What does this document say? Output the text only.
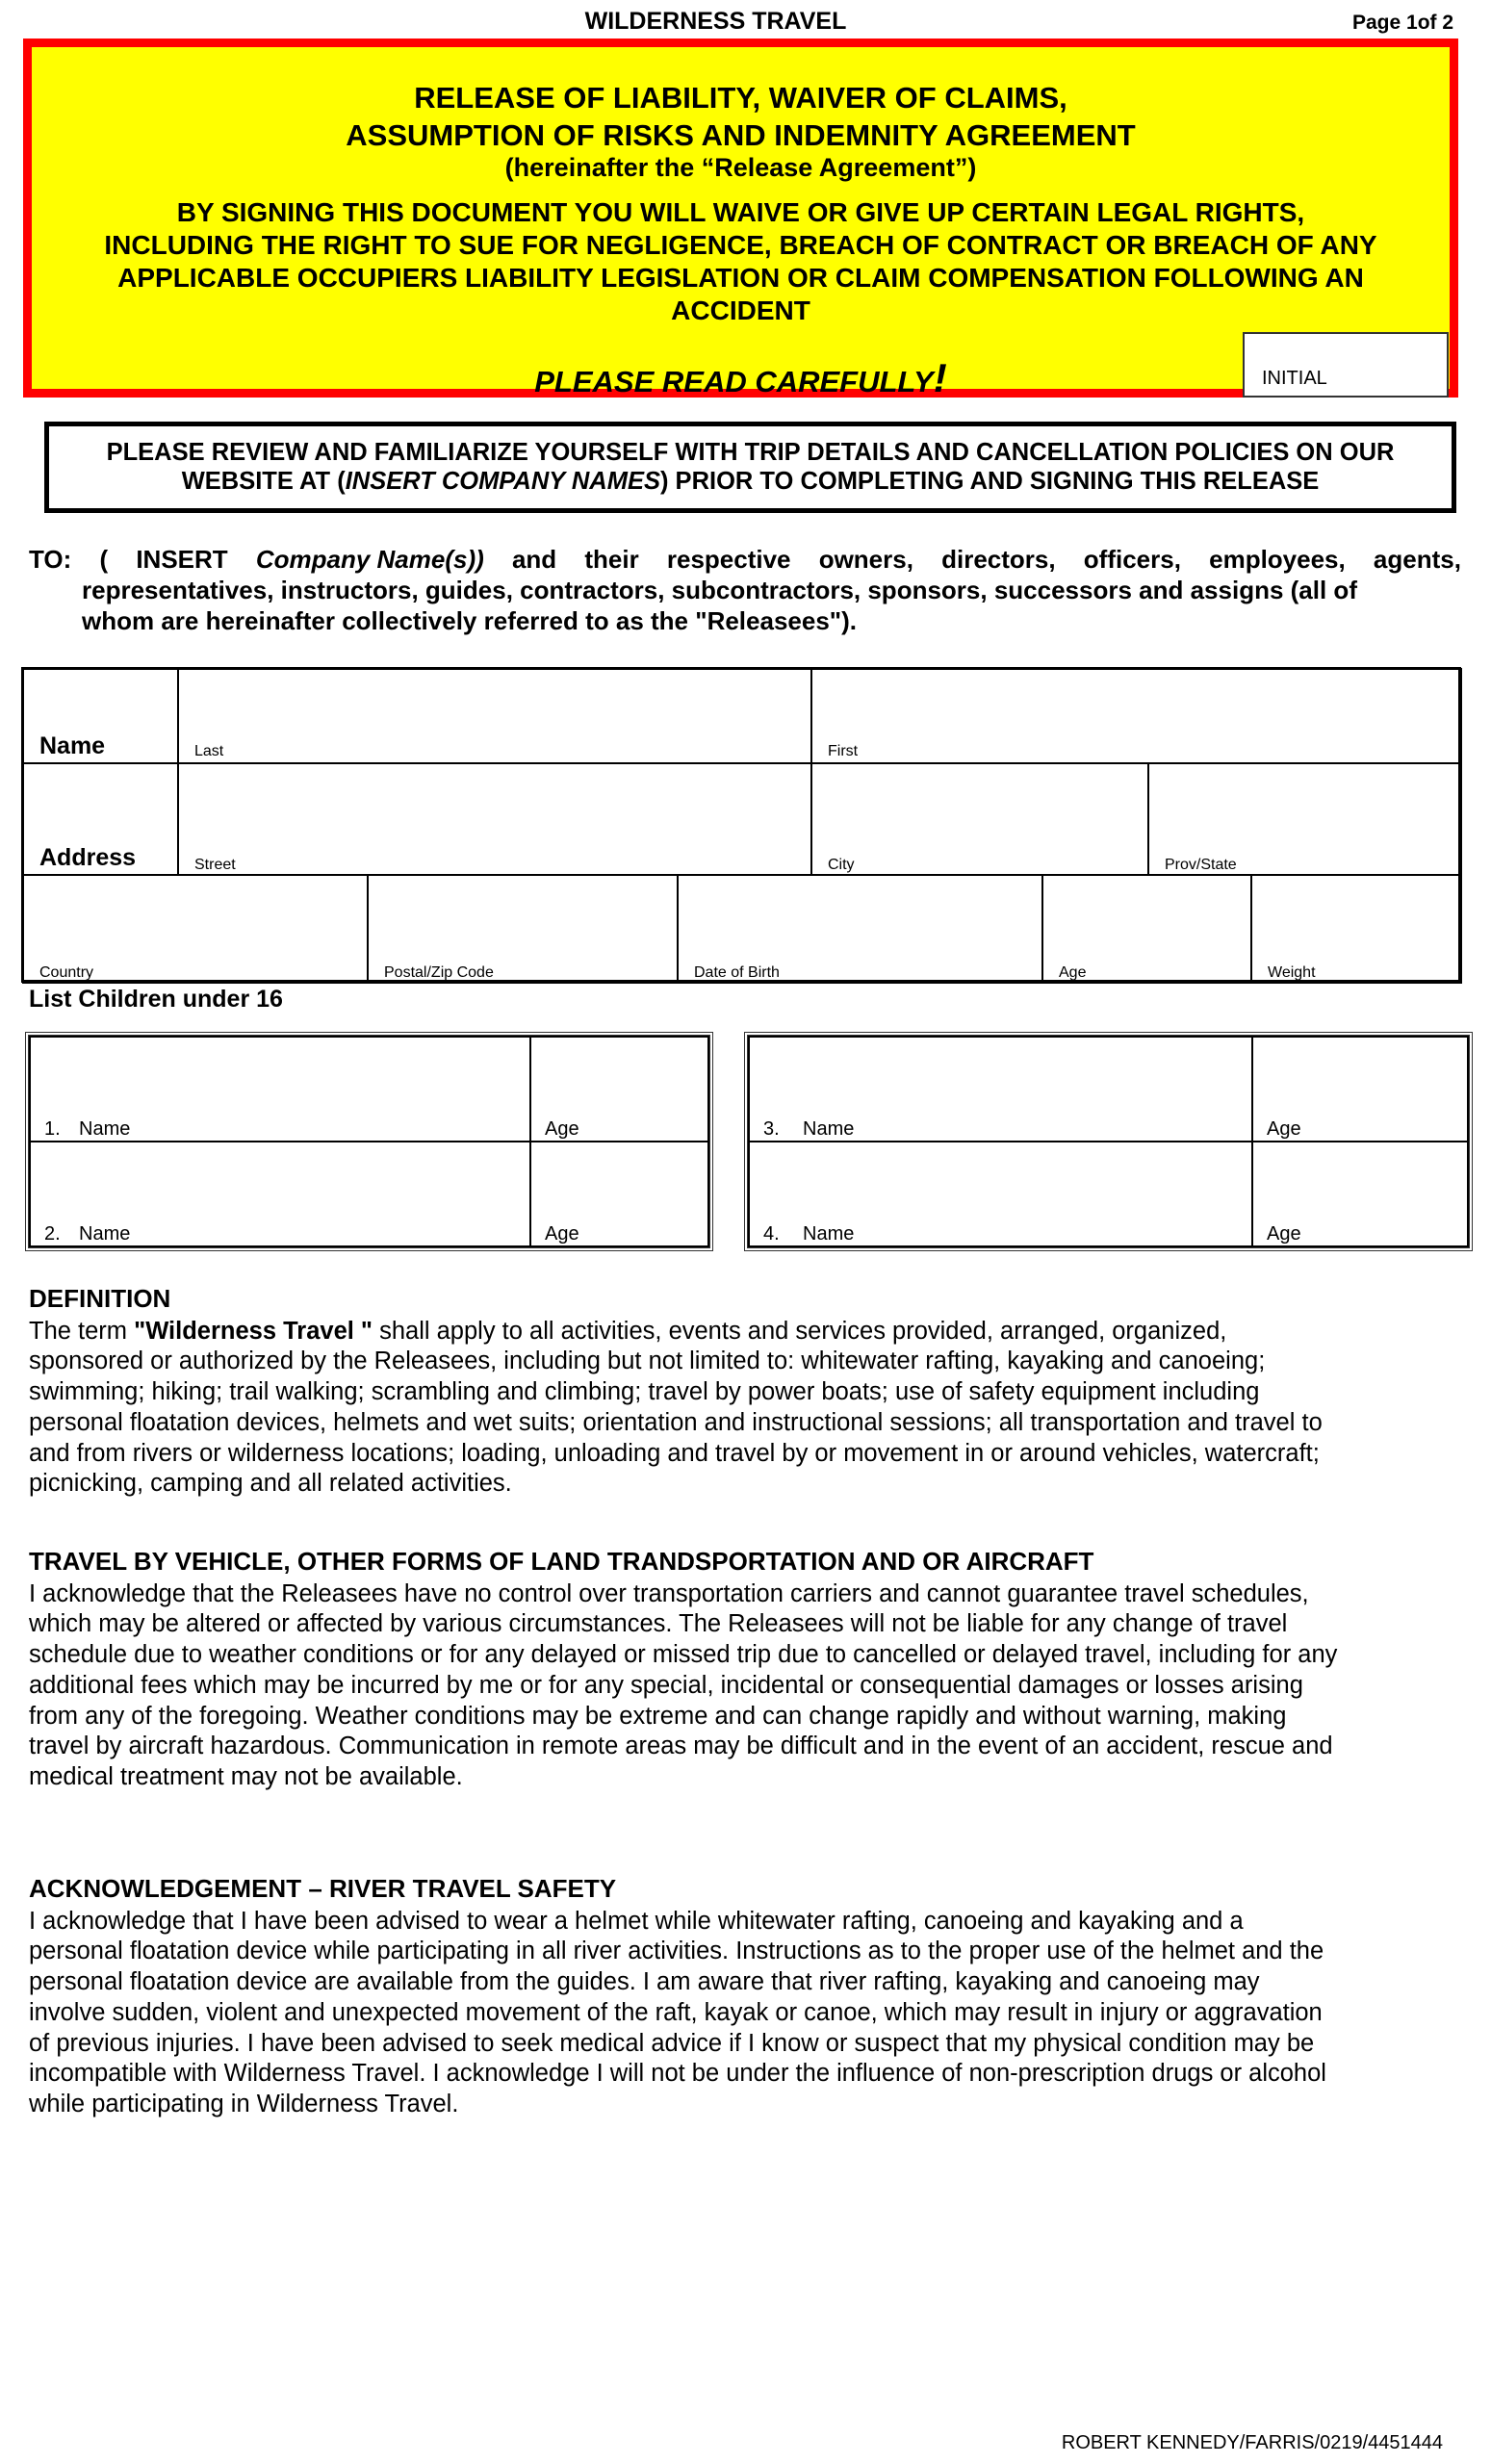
WILDERNESS TRAVEL	Page 1of 2
RELEASE OF LIABILITY, WAIVER OF CLAIMS,
ASSUMPTION OF RISKS AND INDEMNITY AGREEMENT
(hereinafter the “Release Agreement”)
BY SIGNING THIS DOCUMENT YOU WILL WAIVE OR GIVE UP CERTAIN LEGAL RIGHTS,
INCLUDING THE RIGHT TO SUE FOR NEGLIGENCE, BREACH OF CONTRACT OR BREACH OF ANY
APPLICABLE OCCUPIERS LIABILITY LEGISLATION OR CLAIM COMPENSATION FOLLOWING AN
ACCIDENT
PLEASE READ CAREFULLY!	INITIAL
PLEASE REVIEW AND FAMILIARIZE YOURSELF WITH TRIP DETAILS AND CANCELLATION POLICIES ON OUR
WEBSITE AT (INSERT COMPANY NAMES) PRIOR TO COMPLETING AND SIGNING THIS RELEASE
TO: ( INSERT Company Name(s)) and their respective owners, directors, officers, employees, agents,
representatives, instructors, guides, contractors, subcontractors, sponsors, successors and assigns (all of
whom are hereinafter collectively referred to as the "Releasees").
Name	Last	First
Address	Street	City	Prov/State
Country	Postal/Zip Code	Date of Birth	Age	Weight
List Children under 16
1. Name	Age
2. Name	Age
3. Name	Age
4. Name	Age
DEFINITION

The term "Wilderness Travel " shall apply to all activities, events and services provided, arranged, organized,

sponsored or authorized by the Releasees, including but not limited to: whitewater rafting, kayaking and canoeing;

swimming; hiking; trail walking; scrambling and climbing; travel by power boats; use of safety equipment including

personal floatation devices, helmets and wet suits; orientation and instructional sessions; all transportation and travel to

and from rivers or wilderness locations; loading, unloading and travel by or movement in or around vehicles, watercraft;

picnicking, camping and all related activities.

TRAVEL BY VEHICLE, OTHER FORMS OF LAND TRANDSPORTATION AND OR AIRCRAFT

I acknowledge that the Releasees have no control over transportation carriers and cannot guarantee travel schedules,

which may be altered or affected by various circumstances. The Releasees will not be liable for any change of travel

schedule due to weather conditions or for any delayed or missed trip due to cancelled or delayed travel, including for any

additional fees which may be incurred by me or for any special, incidental or consequential damages or losses arising

from any of the foregoing. Weather conditions may be extreme and can change rapidly and without warning, making

travel by aircraft hazardous. Communication in remote areas may be difficult and in the event of an accident, rescue and

medical treatment may not be available.

ACKNOWLEDGEMENT – RIVER TRAVEL SAFETY

I acknowledge that I have been advised to wear a helmet while whitewater rafting, canoeing and kayaking and a

personal floatation device while participating in all river activities. Instructions as to the proper use of the helmet and the

personal floatation device are available from the guides. I am aware that river rafting, kayaking and canoeing may

involve sudden, violent and unexpected movement of the raft, kayak or canoe, which may result in injury or aggravation

of previous injuries. I have been advised to seek medical advice if I know or suspect that my physical condition may be

incompatible with Wilderness Travel. I acknowledge I will not be under the influence of non-prescription drugs or alcohol

while participating in Wilderness Travel.

ROBERT KENNEDY/FARRIS/0219/4451444
